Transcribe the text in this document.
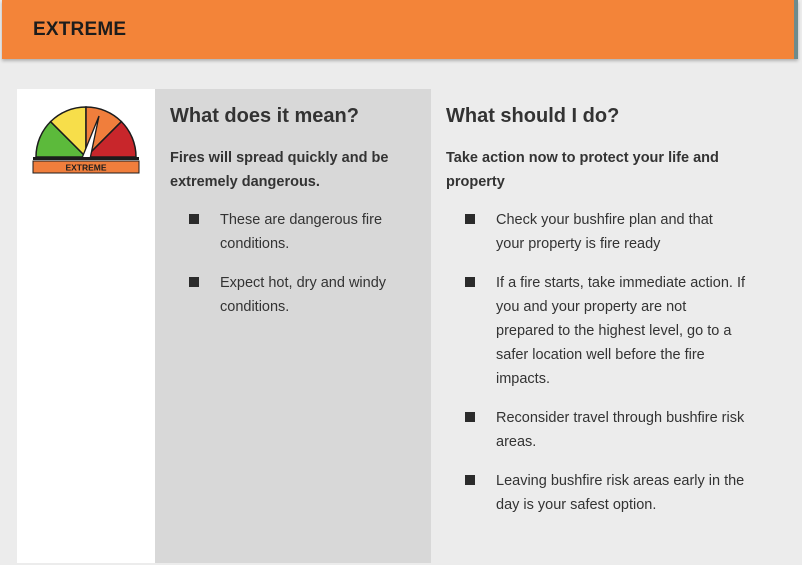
EXTREME
EXTREME
What does it mean?
Fires will spread quickly and be extremely dangerous.
These are dangerous fire conditions.
Expect hot, dry and windy conditions.
What should I do?
Take action now to protect your life and property
Check your bushfire plan and that your property is fire ready
If a fire starts, take immediate action. If you and your property are not prepared to the highest level, go to a safer location well before the fire impacts.
Reconsider travel through bushfire risk areas.
Leaving bushfire risk areas early in the day is your safest option.
